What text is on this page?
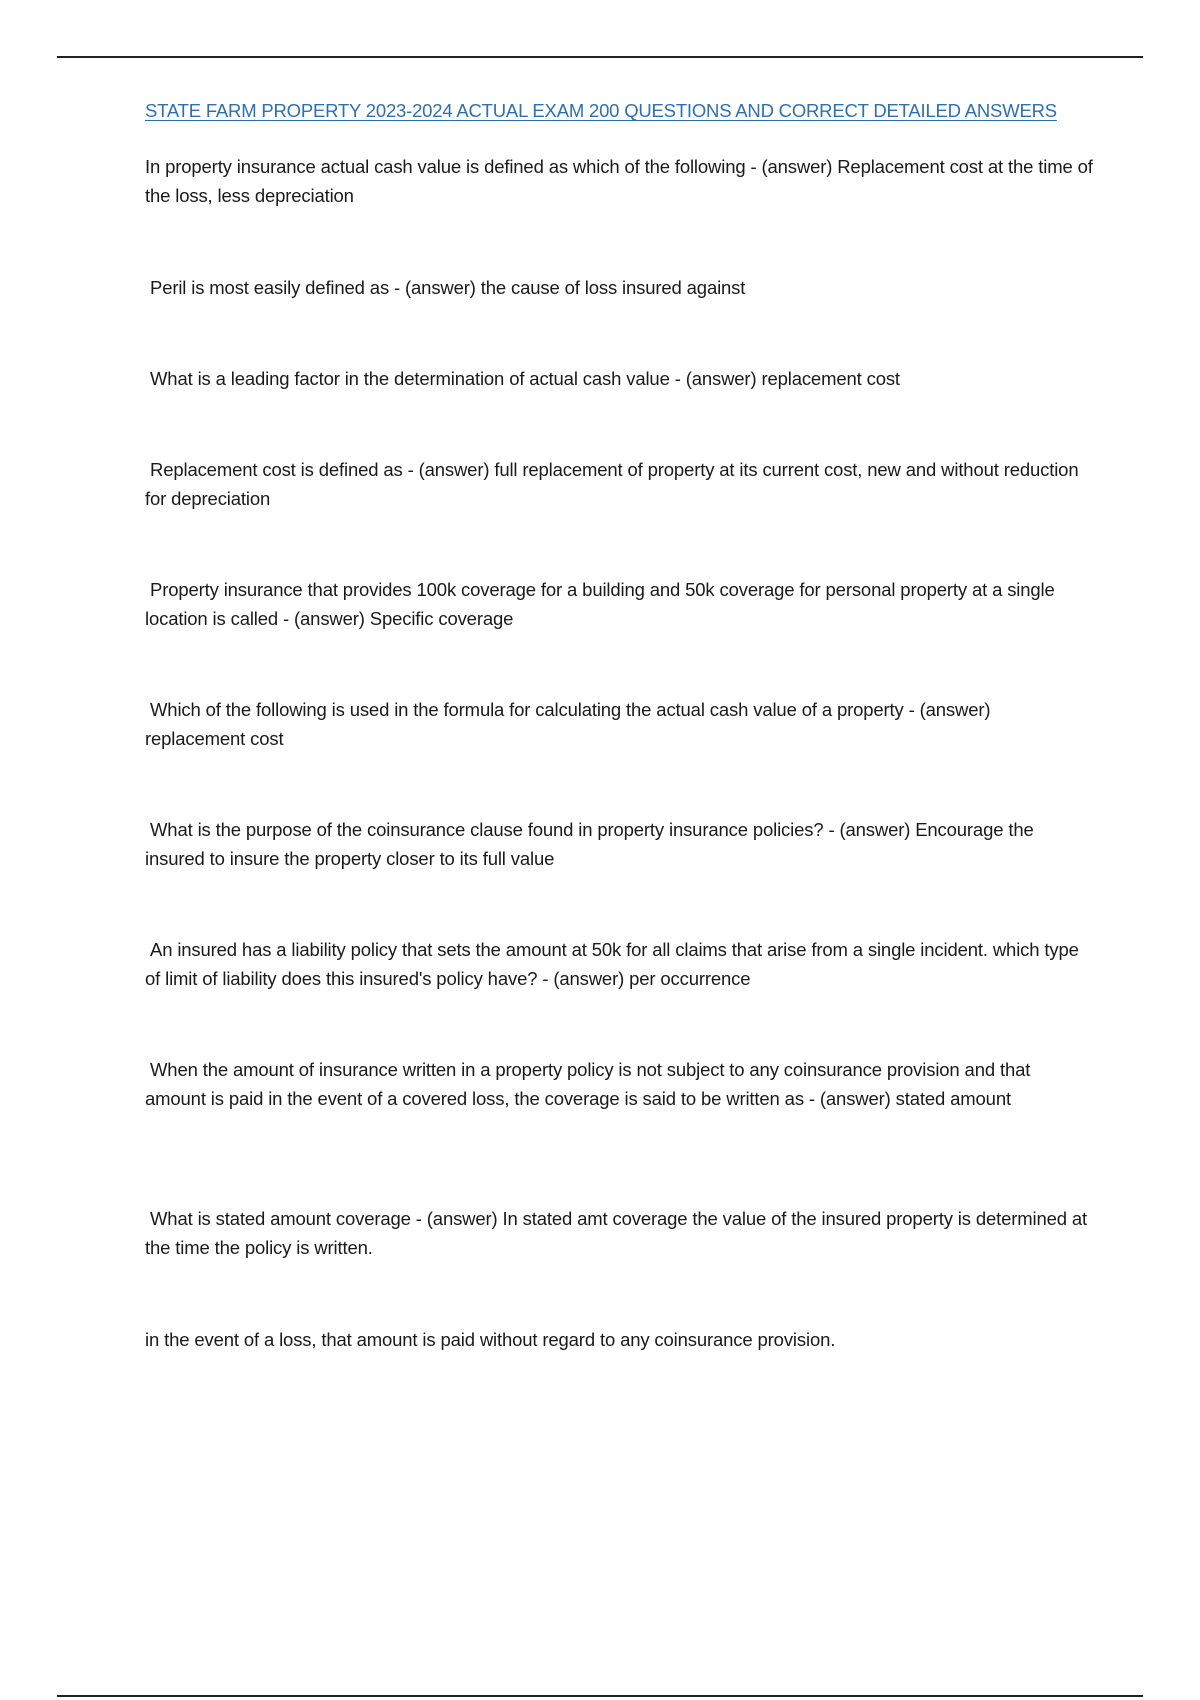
STATE FARM PROPERTY 2023-2024 ACTUAL EXAM 200 QUESTIONS AND CORRECT DETAILED ANSWERS

In property insurance actual cash value is defined as which of the following - (answer) Replacement cost at the time of the loss, less depreciation

Peril is most easily defined as - (answer) the cause of loss insured against

What is a leading factor in the determination of actual cash value - (answer) replacement cost

Replacement cost is defined as - (answer) full replacement of property at its current cost, new and without reduction for depreciation

Property insurance that provides 100k coverage for a building and 50k coverage for personal property at a single location is called - (answer) Specific coverage

Which of the following is used in the formula for calculating the actual cash value of a property - (answer) replacement cost

What is the purpose of the coinsurance clause found in property insurance policies? - (answer) Encourage the insured to insure the property closer to its full value

An insured has a liability policy that sets the amount at 50k for all claims that arise from a single incident. which type of limit of liability does this insured's policy have? - (answer) per occurrence

When the amount of insurance written in a property policy is not subject to any coinsurance provision and that amount is paid in the event of a covered loss, the coverage is said to be written as - (answer) stated amount

What is stated amount coverage - (answer) In stated amt coverage the value of the insured property is determined at the time the policy is written.

in the event of a loss, that amount is paid without regard to any coinsurance provision.
